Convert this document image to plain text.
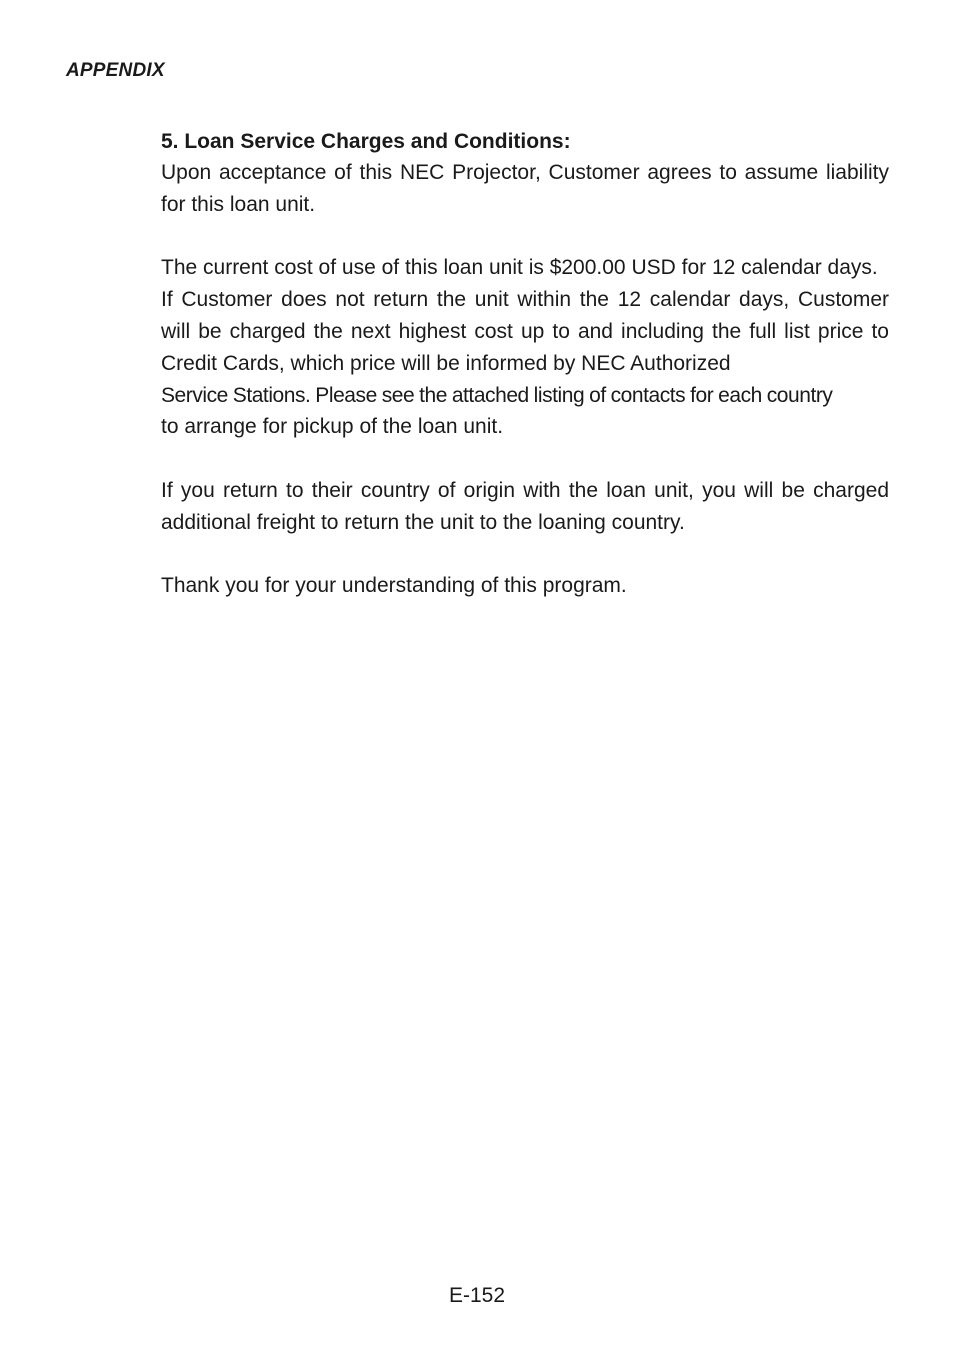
APPENDIX

5. Loan Service Charges and Conditions:

Upon acceptance of this NEC Projector, Customer agrees to assume liability for this loan unit.

The current cost of use of this loan unit is $200.00 USD for 12 calendar days.

If Customer does not return the unit within the 12 calendar days, Customer will be charged the next highest cost up to and including the full list price to Credit Cards, which price will be informed by NEC Authorized

Service Stations. Please see the attached listing of contacts for each country

to arrange for pickup of the loan unit.

If you return to their country of origin with the loan unit, you will be charged additional freight to return the unit to the loaning country.

Thank you for your understanding of this program.

E-152
